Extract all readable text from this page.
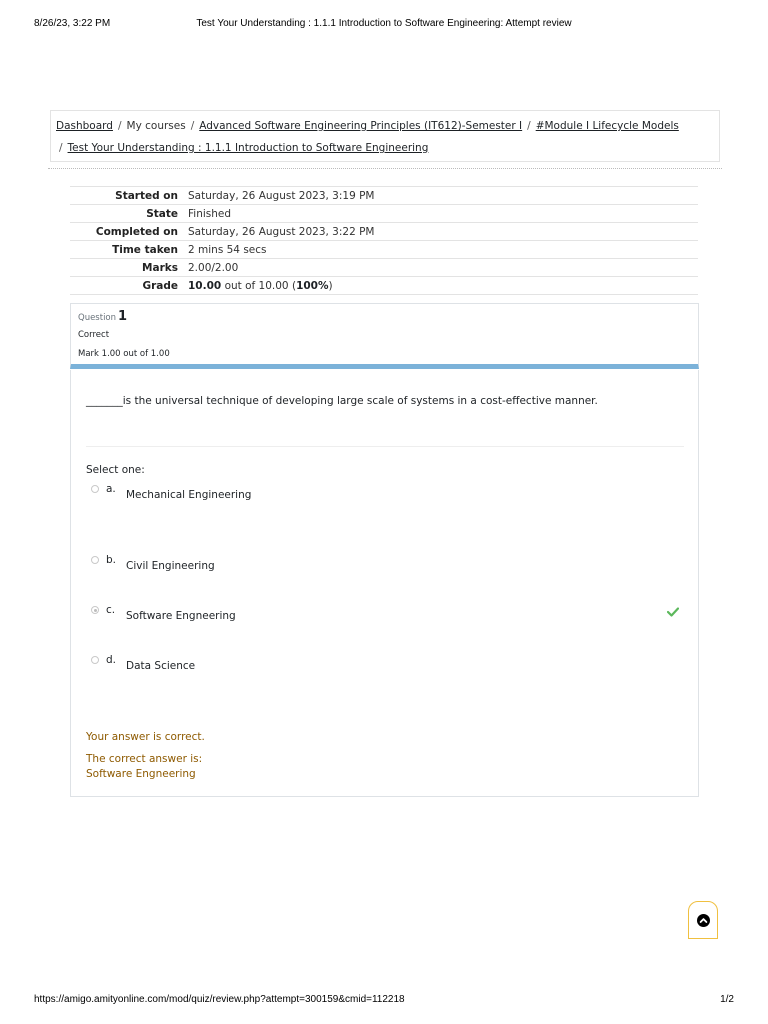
8/26/23, 3:22 PM	Test Your Understanding : 1.1.1 Introduction to Software Engineering: Attempt review
Dashboard / My courses / Advanced Software Engineering Principles (IT612)-Semester I / #Module I Lifecycle Models
/ Test Your Understanding : 1.1.1 Introduction to Software Engineering
Started on	Saturday, 26 August 2023, 3:19 PM
State	Finished
Completed on	Saturday, 26 August 2023, 3:22 PM
Time taken	2 mins 54 secs
Marks	2.00/2.00
Grade	10.00 out of 10.00 (100%)
Question 1
Correct
Mark 1.00 out of 1.00
_______is the universal technique of developing large scale of systems in a cost-effective manner.
Select one:
a. Mechanical Engineering
b. Civil Engineering
c. Software Engneering
d. Data Science
Your answer is correct.
The correct answer is:
Software Engneering
https://amigo.amityonline.com/mod/quiz/review.php?attempt=300159&cmid=112218	1/2
